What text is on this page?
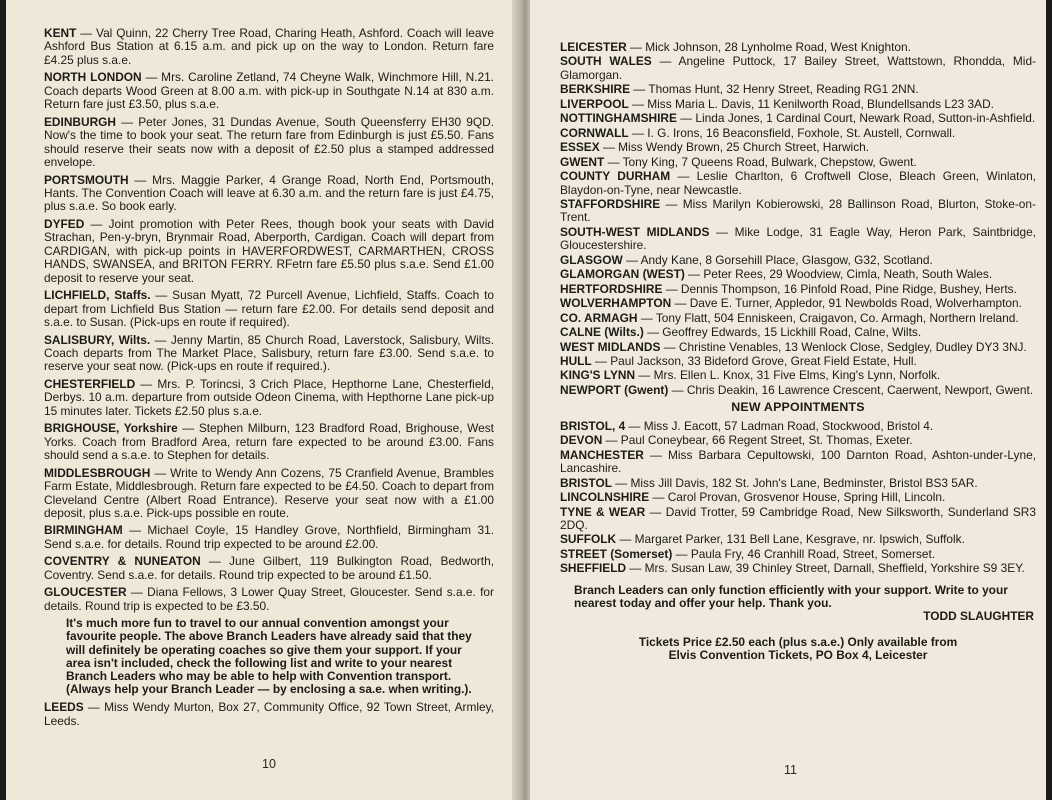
KENT — Val Quinn, 22 Cherry Tree Road, Charing Heath, Ashford. Coach will leave Ashford Bus Station at 6.15 a.m. and pick up on the way to London. Return fare £4.25 plus s.a.e.
NORTH LONDON — Mrs. Caroline Zetland, 74 Cheyne Walk, Winchmore Hill, N.21. Coach departs Wood Green at 8.00 a.m. with pick-up in Southgate N.14 at 830 a.m. Return fare just £3.50, plus s.a.e.
EDINBURGH — Peter Jones, 31 Dundas Avenue, South Queensferry EH30 9QD. Now's the time to book your seat. The return fare from Edinburgh is just £5.50. Fans should reserve their seats now with a deposit of £2.50 plus a stamped addressed envelope.
PORTSMOUTH — Mrs. Maggie Parker, 4 Grange Road, North End, Portsmouth, Hants. The Convention Coach will leave at 6.30 a.m. and the return fare is just £4.75, plus s.a.e. So book early.
DYFED — Joint promotion with Peter Rees, though book your seats with David Strachan, Pen-y-bryn, Brynmair Road, Aberporth, Cardigan. Coach will depart from CARDIGAN, with pick-up points in HAVERFORDWEST, CARMARTHEN, CROSS HANDS, SWANSEA, and BRITON FERRY. RFetrn fare £5.50 plus s.a.e. Send £1.00 deposit to reserve your seat.
LICHFIELD, Staffs. — Susan Myatt, 72 Purcell Avenue, Lichfield, Staffs. Coach to depart from Lichfield Bus Station — return fare £2.00. For details send deposit and s.a.e. to Susan. (Pick-ups en route if required).
SALISBURY, Wilts. — Jenny Martin, 85 Church Road, Laverstock, Salisbury, Wilts. Coach departs from The Market Place, Salisbury, return fare £3.00. Send s.a.e. to reserve your seat now. (Pick-ups en route if required.).
CHESTERFIELD — Mrs. P. Torincsi, 3 Crich Place, Hepthorne Lane, Chesterfield, Derbys. 10 a.m. departure from outside Odeon Cinema, with Hepthorne Lane pick-up 15 minutes later. Tickets £2.50 plus s.a.e.
BRIGHOUSE, Yorkshire — Stephen Milburn, 123 Bradford Road, Brighouse, West Yorks. Coach from Bradford Area, return fare expected to be around £3.00. Fans should send a s.a.e. to Stephen for details.
MIDDLESBROUGH — Write to Wendy Ann Cozens, 75 Cranfield Avenue, Brambles Farm Estate, Middlesbrough. Return fare expected to be £4.50. Coach to depart from Cleveland Centre (Albert Road Entrance). Reserve your seat now with a £1.00 deposit, plus s.a.e. Pick-ups possible en route.
BIRMINGHAM — Michael Coyle, 15 Handley Grove, Northfield, Birmingham 31. Send s.a.e. for details. Round trip expected to be around £2.00.
COVENTRY & NUNEATON — June Gilbert, 119 Bulkington Road, Bedworth, Coventry. Send s.a.e. for details. Round trip expected to be around £1.50.
GLOUCESTER — Diana Fellows, 3 Lower Quay Street, Gloucester. Send s.a.e. for details. Round trip is expected to be £3.50.
It's much more fun to travel to our annual convention amongst your favourite people. The above Branch Leaders have already said that they will definitely be operating coaches so give them your support. If your area isn't included, check the following list and write to your nearest Branch Leaders who may be able to help with Convention transport. (Always help your Branch Leader — by enclosing a sa.e. when writing.).
LEEDS — Miss Wendy Murton, Box 27, Community Office, 92 Town Street, Armley, Leeds.
10
LEICESTER — Mick Johnson, 28 Lynholme Road, West Knighton.
SOUTH WALES — Angeline Puttock, 17 Bailey Street, Wattstown, Rhondda, Mid-Glamorgan.
BERKSHIRE — Thomas Hunt, 32 Henry Street, Reading RG1 2NN.
LIVERPOOL — Miss Maria L. Davis, 11 Kenilworth Road, Blundellsands L23 3AD.
NOTTINGHAMSHIRE — Linda Jones, 1 Cardinal Court, Newark Road, Sutton-in-Ashfield.
CORNWALL — I. G. Irons, 16 Beaconsfield, Foxhole, St. Austell, Cornwall.
ESSEX — Miss Wendy Brown, 25 Church Street, Harwich.
GWENT — Tony King, 7 Queens Road, Bulwark, Chepstow, Gwent.
COUNTY DURHAM — Leslie Charlton, 6 Croftwell Close, Bleach Green, Winlaton, Blaydon-on-Tyne, near Newcastle.
STAFFORDSHIRE — Miss Marilyn Kobierowski, 28 Ballinson Road, Blurton, Stoke-on-Trent.
SOUTH-WEST MIDLANDS — Mike Lodge, 31 Eagle Way, Heron Park, Saintbridge, Gloucestershire.
GLASGOW — Andy Kane, 8 Gorsehill Place, Glasgow, G32, Scotland.
GLAMORGAN (WEST) — Peter Rees, 29 Woodview, Cimla, Neath, South Wales.
HERTFORDSHIRE — Dennis Thompson, 16 Pinfold Road, Pine Ridge, Bushey, Herts.
WOLVERHAMPTON — Dave E. Turner, Appledor, 91 Newbolds Road, Wolverhampton.
CO. ARMAGH — Tony Flatt, 504 Enniskeen, Craigavon, Co. Armagh, Northern Ireland.
CALNE (Wilts.) — Geoffrey Edwards, 15 Lickhill Road, Calne, Wilts.
WEST MIDLANDS — Christine Venables, 13 Wenlock Close, Sedgley, Dudley DY3 3NJ.
HULL — Paul Jackson, 33 Bideford Grove, Great Field Estate, Hull.
KING'S LYNN — Mrs. Ellen L. Knox, 31 Five Elms, King's Lynn, Norfolk.
NEWPORT (Gwent) — Chris Deakin, 16 Lawrence Crescent, Caerwent, Newport, Gwent.
NEW APPOINTMENTS
BRISTOL, 4 — Miss J. Eacott, 57 Ladman Road, Stockwood, Bristol 4.
DEVON — Paul Coneybear, 66 Regent Street, St. Thomas, Exeter.
MANCHESTER — Miss Barbara Cepultowski, 100 Darnton Road, Ashton-under-Lyne, Lancashire.
BRISTOL — Miss Jill Davis, 182 St. John's Lane, Bedminster, Bristol BS3 5AR.
LINCOLNSHIRE — Carol Provan, Grosvenor House, Spring Hill, Lincoln.
TYNE & WEAR — David Trotter, 59 Cambridge Road, New Silksworth, Sunderland SR3 2DQ.
SUFFOLK — Margaret Parker, 131 Bell Lane, Kesgrave, nr. Ipswich, Suffolk.
STREET (Somerset) — Paula Fry, 46 Cranhill Road, Street, Somerset.
SHEFFIELD — Mrs. Susan Law, 39 Chinley Street, Darnall, Sheffield, Yorkshire S9 3EY.
Branch Leaders can only function efficiently with your support. Write to your nearest today and offer your help. Thank you.
TODD SLAUGHTER
Tickets Price £2.50 each (plus s.a.e.) Only available from
Elvis Convention Tickets, PO Box 4, Leicester
11
